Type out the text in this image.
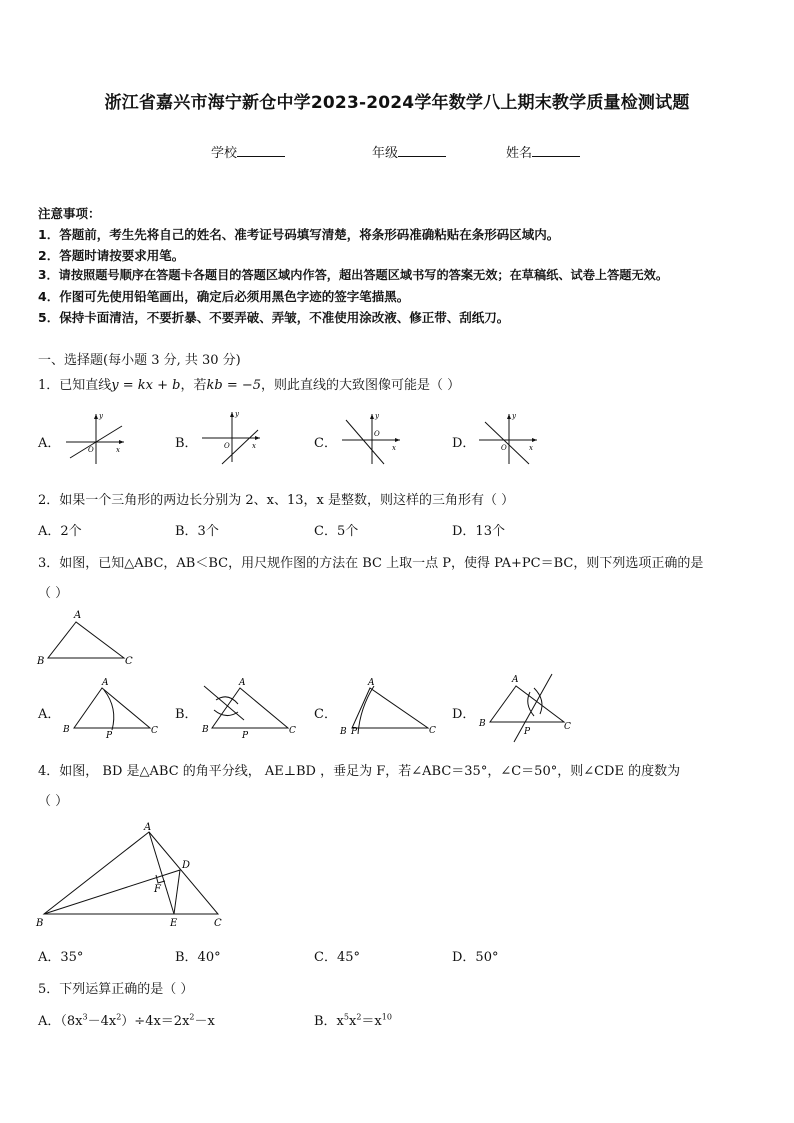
浙江省嘉兴市海宁新仓中学2023-2024学年数学八上期末教学质量检测试题
学校	年级	姓名
注意事项：
1．答题前，考生先将自己的姓名、准考证号码填写清楚，将条形码准确粘贴在条形码区域内。
2．答题时请按要求用笔。
3．请按照题号顺序在答题卡各题目的答题区域内作答，超出答题区域书写的答案无效；在草稿纸、试卷上答题无效。
4．作图可先使用铅笔画出，确定后必须用黑色字迹的签字笔描黑。
5．保持卡面清洁，不要折暴、不要弄破、弄皱，不准使用涂改液、修正带、刮纸刀。
一、选择题(每小题 3 分, 共 30 分)
1．已知直线y = kx + b，若kb = −5，则此直线的大致图像可能是（ ）
A．
y
x
O	B．
y
x
O	C．
y
x
O
D．
y
x
O
2．如果一个三角形的两边长分别为 2、x、13，x 是整数，则这样的三角形有（ ）
A．2个	B．3个	C．5个	D．13个
3．如图，已知△ABC，AB＜BC，用尺规作图的方法在 BC 上取一点 P，使得 PA+PC＝BC，则下列选项正确的是
（ ）
A
B	C
A．
A
B	C
P
B．
A
B	C
P
C．
A
B	C
P
D．
A
B	C
P
4．如图， BD 是△ABC 的角平分线， AE⊥BD ，垂足为 F，若∠ABC＝35°，∠C＝50°，则∠CDE 的度数为
（ ）
A
B	C
D
E
F
A．35°	B．40°	C．45°	D．50°
5．下列运算正确的是（ ）
A．$(8x^3-4x^2)\div 4x=2x^2-x$	B．$x^5x^2=x^{10}$
